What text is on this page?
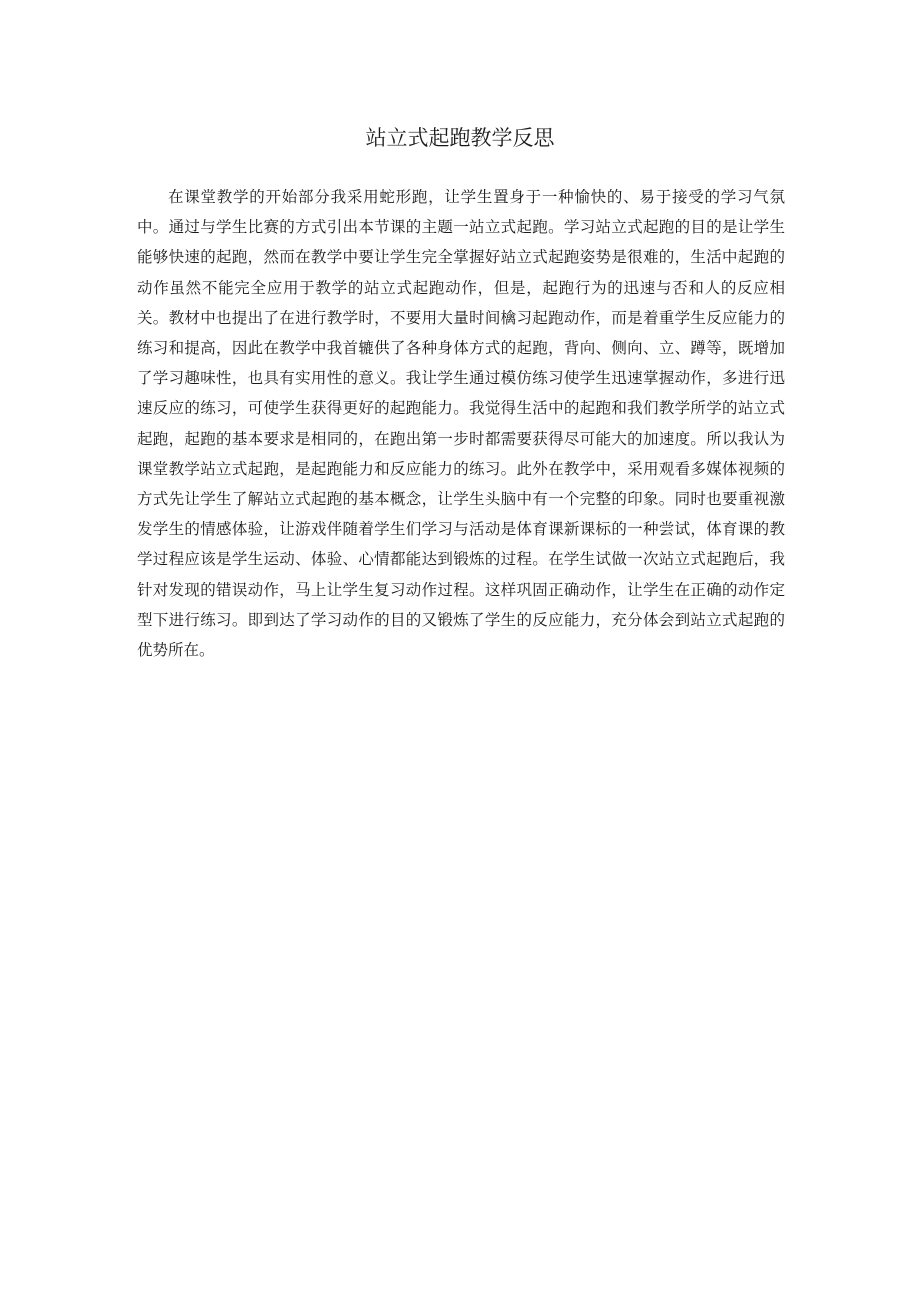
站立式起跑教学反思

在课堂教学的开始部分我采用蛇形跑，让学生置身于一种愉快的、易于接受的学习气氛中。通过与学生比赛的方式引出本节课的主题一站立式起跑。学习站立式起跑的目的是让学生能够快速的起跑，然而在教学中要让学生完全掌握好站立式起跑姿势是很难的，生活中起跑的动作虽然不能完全应用于教学的站立式起跑动作，但是，起跑行为的迅速与否和人的反应相关。教材中也提出了在进行教学时，不要用大量时间檎习起跑动作，而是着重学生反应能力的练习和提高，因此在教学中我首辘供了各种身体方式的起跑，背向、侧向、立、蹲等，既增加了学习趣味性，也具有实用性的意义。我让学生通过模仿练习使学生迅速掌握动作，多进行迅速反应的练习，可使学生获得更好的起跑能力。我觉得生活中的起跑和我们教学所学的站立式起跑，起跑的基本要求是相同的，在跑出第一步时都需要获得尽可能大的加速度。所以我认为课堂教学站立式起跑，是起跑能力和反应能力的练习。此外在教学中，采用观看多媒体视频的方式先让学生了解站立式起跑的基本概念，让学生头脑中有一个完整的印象。同时也要重视激发学生的情感体验，让游戏伴随着学生们学习与活动是体育课新课标的一种尝试，体育课的教学过程应该是学生运动、体验、心情都能达到锻炼的过程。在学生试做一次站立式起跑后，我针对发现的错误动作，马上让学生复习动作过程。这样巩固正确动作，让学生在正确的动作定型下进行练习。即到达了学习动作的目的又锻炼了学生的反应能力，充分体会到站立式起跑的优势所在。
